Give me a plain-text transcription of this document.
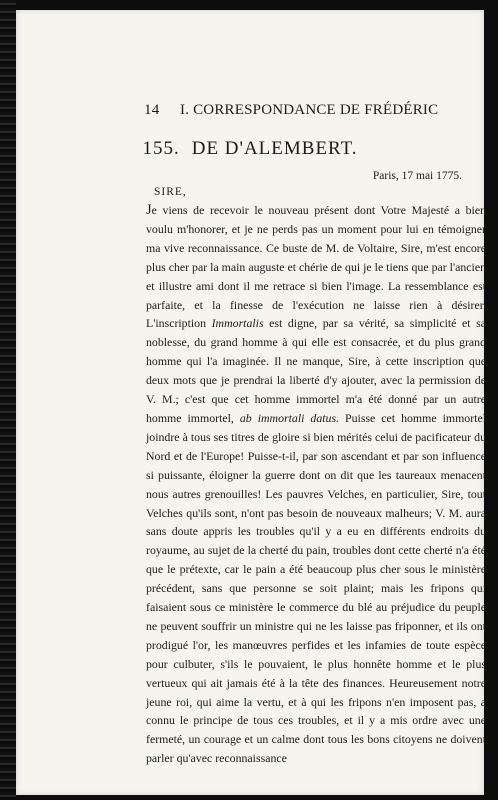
14 I. CORRESPONDANCE DE FRÉDÉRIC
155. DE D'ALEMBERT.
Paris, 17 mai 1775.
SIRE,
Je viens de recevoir le nouveau présent dont Votre Majesté a bien voulu m'honorer, et je ne perds pas un moment pour lui en témoigner ma vive reconnaissance. Ce buste de M. de Voltaire, Sire, m'est encore plus cher par la main auguste et chérie de qui je le tiens que par l'ancien et illustre ami dont il me retrace si bien l'image. La ressemblance est parfaite, et la finesse de l'exécution ne laisse rien à désirer. L'inscription Immortalis est digne, par sa vérité, sa simplicité et sa noblesse, du grand homme à qui elle est consacrée, et du plus grand homme qui l'a imaginée. Il ne manque, Sire, à cette inscription que deux mots que je prendrai la liberté d'y ajouter, avec la permission de V. M.; c'est que cet homme immortel m'a été donné par un autre homme immortel, ab immortali datus. Puisse cet homme immortel joindre à tous ses titres de gloire si bien mérités celui de pacificateur du Nord et de l'Europe! Puisse-t-il, par son ascendant et par son influence si puissante, éloigner la guerre dont on dit que les taureaux menacent nous autres grenouilles! Les pauvres Velches, en particulier, Sire, tout Velches qu'ils sont, n'ont pas besoin de nouveaux malheurs; V. M. aura sans doute appris les troubles qu'il y a eu en différents endroits du royaume, au sujet de la cherté du pain, troubles dont cette cherté n'a été que le prétexte, car le pain a été beaucoup plus cher sous le ministère précédent, sans que personne se soit plaint; mais les fripons qui faisaient sous ce ministère le commerce du blé au préjudice du peuple ne peuvent souffrir un ministre qui ne les laisse pas friponner, et ils ont prodigué l'or, les manœuvres perfides et les infamies de toute espèce pour culbuter, s'ils le pouvaient, le plus honnête homme et le plus vertueux qui ait jamais été à la tête des finances. Heureusement notre jeune roi, qui aime la vertu, et à qui les fripons n'en imposent pas, a connu le principe de tous ces troubles, et il y a mis ordre avec une fermeté, un courage et un calme dont tous les bons citoyens ne doivent parler qu'avec reconnaissance
